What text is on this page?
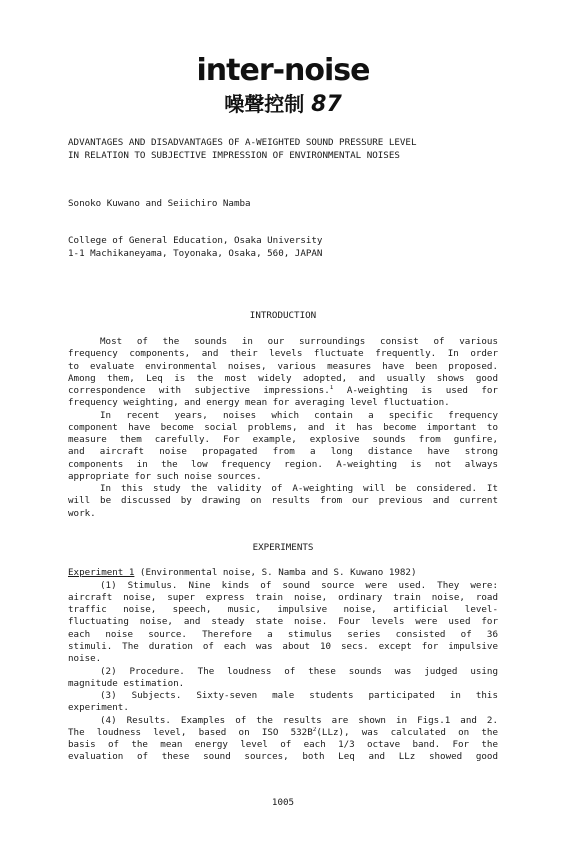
inter-noise
噪聲控制 87
ADVANTAGES AND DISADVANTAGES OF A-WEIGHTED SOUND PRESSURE LEVEL
IN RELATION TO SUBJECTIVE IMPRESSION OF ENVIRONMENTAL NOISES
Sonoko Kuwano and Seiichiro Namba
College of General Education, Osaka University
1-1 Machikaneyama, Toyonaka, Osaka, 560, JAPAN
INTRODUCTION
Most of the sounds in our surroundings consist of various
frequency components, and their levels fluctuate frequently. In order
to evaluate environmental noises, various measures have been proposed.
Among them, Leq is the most widely adopted, and usually shows good
correspondence with subjective impressions.$^1$ A-weighting is used for
frequency weighting, and energy mean for averaging level fluctuation.
In recent years, noises which contain a specific frequency
component have become social problems, and it has become important to
measure them carefully. For example, explosive sounds from gunfire,
and aircraft noise propagated from a long distance have strong
components in the low frequency region. A-weighting is not always
appropriate for such noise sources.
In this study the validity of A-weighting will be considered. It
will be discussed by drawing on results from our previous and current
work.
EXPERIMENTS
Experiment 1 (Environmental noise, S. Namba and S. Kuwano 1982)
(1) Stimulus. Nine kinds of sound source were used. They were:
aircraft noise, super express train noise, ordinary train noise, road
traffic noise, speech, music, impulsive noise, artificial level-
fluctuating noise, and steady state noise. Four levels were used for
each noise source. Therefore a stimulus series consisted of 36
stimuli. The duration of each was about 10 secs. except for impulsive
noise.
(2) Procedure. The loudness of these sounds was judged using
magnitude estimation.
(3) Subjects. Sixty-seven male students participated in this
experiment.
(4) Results. Examples of the results are shown in Figs.1 and 2.
The loudness level, based on ISO $532B^2(LLz)$, was calculated on the
basis of the mean energy level of each 1/3 octave band. For the
evaluation of these sound sources, both Leq and LLz showed good
1005
